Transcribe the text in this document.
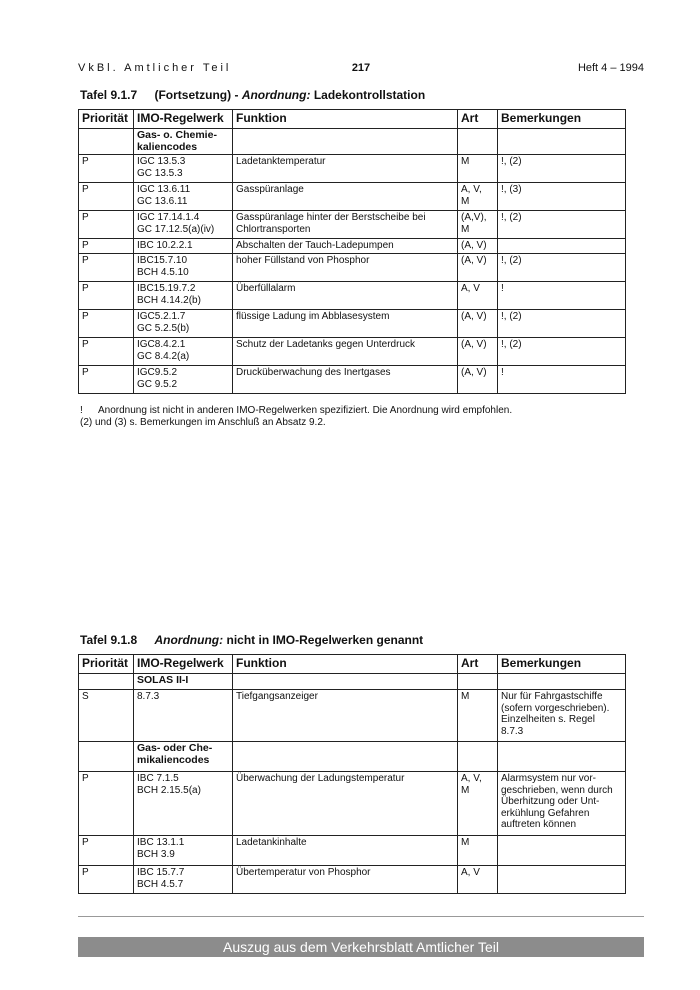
VkBl. Amtlicher Teil	217	Heft 4 – 1994
Tafel 9.1.7 (Fortsetzung) - Anordnung: Ladekontrollstation
Priorität	IMO-Regelwerk	Funktion	Art	Bemerkungen

	Gas- o. Chemie-
kaliencodes			

P	IGC 13.5.3
GC 13.5.3	Ladetanktemperatur	M	!, (2)

P	IGC 13.6.11
GC 13.6.11	Gasspüranlage	A, V,
M	!, (3)

P	IGC 17.14.1.4
GC 17.12.5(a)(iv)	Gasspüranlage hinter der Berstscheibe bei
Chlortransporten	(A,V),
M	!, (2)

P	IBC 10.2.2.1	Abschalten der Tauch-Ladepumpen	(A, V)	

P	IBC15.7.10
BCH 4.5.10	hoher Füllstand von Phosphor	(A, V)	!, (2)

P	IBC15.19.7.2
BCH 4.14.2(b)	Überfüllalarm	A, V	!

P	IGC5.2.1.7
GC 5.2.5(b)	flüssige Ladung im Abblasesystem	(A, V)	!, (2)

P	IGC8.4.2.1
GC 8.4.2(a)	Schutz der Ladetanks gegen Unterdruck	(A, V)	!, (2)

P	IGC9.5.2
GC 9.5.2	Drucküberwachung des Inertgases	(A, V)	!
!	Anordnung ist nicht in anderen IMO-Regelwerken spezifiziert. Die Anordnung wird empfohlen.
(2) und (3) s. Bemerkungen im Anschluß an Absatz 9.2.
Tafel 9.1.8 Anordnung: nicht in IMO-Regelwerken genannt
Priorität	IMO-Regelwerk	Funktion	Art	Bemerkungen

	SOLAS II-I			

S	8.7.3	Tiefgangsanzeiger	M	Nur für Fahrgastschiffe
(sofern vorgeschrieben).
Einzelheiten s. Regel
8.7.3

	Gas- oder Che-
mikaliencodes			

P	IBC 7.1.5
BCH 2.15.5(a)	Überwachung der Ladungstemperatur	A, V,
M	Alarmsystem nur vor-
geschrieben, wenn durch
Überhitzung oder Unt-
erkühlung Gefahren
auftreten können

P	IBC 13.1.1
BCH 3.9	Ladetankinhalte	M	

P	IBC 15.7.7
BCH 4.5.7	Übertemperatur von Phosphor	A, V	

Auszug aus dem Verkehrsblatt Amtlicher Teil
